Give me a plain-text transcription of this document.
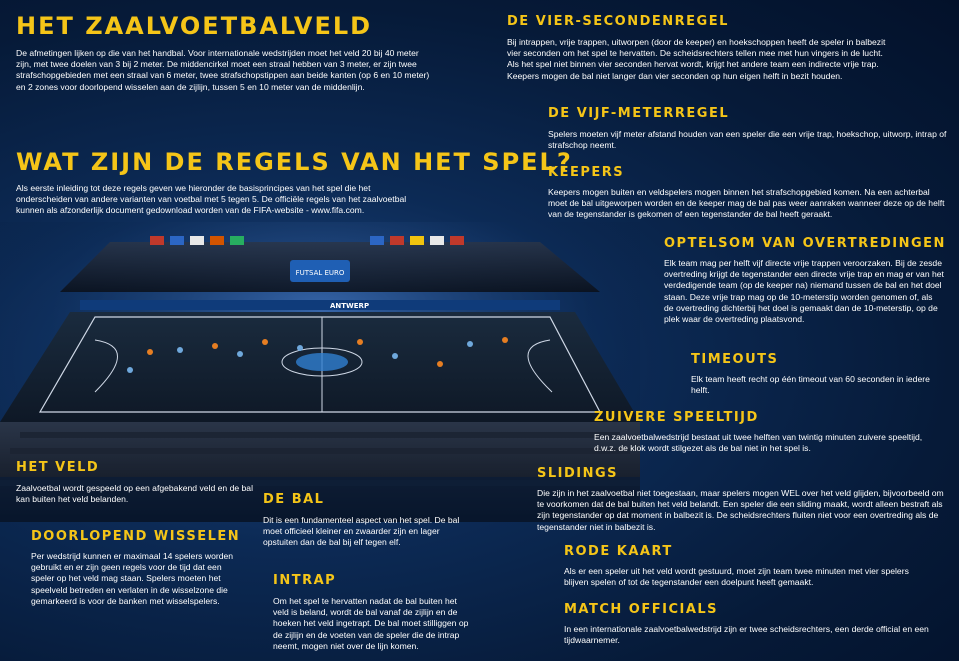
FUTSAL EURO
ANTWERP
HET ZAALVOETBALVELD

De afmetingen lijken op die van het handbal. Voor internationale wedstrijden moet het veld 20 bij 40 meter zijn, met twee doelen van 3 bij 2 meter. De middencirkel moet een straal hebben van 3 meter, er zijn twee strafschopgebieden met een straal van 6 meter, twee strafschopstippen aan beide kanten (op 6 en 10 meter) en 2 zones voor doorlopend wisselen aan de zijlijn, tussen 5 en 10 meter van de middenlijn.

WAT ZIJN DE REGELS VAN HET SPEL?

Als eerste inleiding tot deze regels geven we hieronder de basisprincipes van het spel die het onderscheiden van andere varianten van voetbal met 5 tegen 5. De officiële regels van het zaalvoetbal kunnen als afzonderlijk document gedownload worden van de FIFA-website - www.fifa.com.

DE VIER-SECONDENREGEL

Bij intrappen, vrije trappen, uitworpen (door de keeper) en hoekschoppen heeft de speler in balbezit vier seconden om het spel te hervatten. De scheidsrechters tellen mee met hun vingers in de lucht. Als het spel niet binnen vier seconden hervat wordt, krijgt het andere team een indirecte vrije trap. Keepers mogen de bal niet langer dan vier seconden op hun eigen helft in bezit houden.

DE VIJF-METERREGEL

Spelers moeten vijf meter afstand houden van een speler die een vrije trap, hoekschop, uitworp, intrap of strafschop neemt.

KEEPERS

Keepers mogen buiten en veldspelers mogen binnen het strafschopgebied komen. Na een achterbal moet de bal uitgeworpen worden en de keeper mag de bal pas weer aanraken wanneer deze op de helft van de tegenstander is gekomen of een tegenstander de bal heeft geraakt.

OPTELSOM VAN OVERTREDINGEN

Elk team mag per helft vijf directe vrije trappen veroorzaken. Bij de zesde overtreding krijgt de tegenstander een directe vrije trap en mag er van het verdedigende team (op de keeper na) niemand tussen de bal en het doel staan. Deze vrije trap mag op de 10-meterstip worden genomen of, als de overtreding dichterbij het doel is gemaakt dan de 10-meterstip, op de plek waar de overtreding plaatsvond.

TIMEOUTS

Elk team heeft recht op één timeout van 60 seconden in iedere helft.

ZUIVERE SPEELTIJD

Een zaalvoetbalwedstrijd bestaat uit twee helften van twintig minuten zuivere speeltijd, d.w.z. de klok wordt stilgezet als de bal niet in het spel is.

SLIDINGS

Die zijn in het zaalvoetbal niet toegestaan, maar spelers mogen WEL over het veld glijden, bijvoorbeeld om te voorkomen dat de bal buiten het veld belandt. Een speler die een sliding maakt, wordt alleen bestraft als zijn tegenstander op dat moment in balbezit is. De scheidsrechters fluiten niet voor een overtreding als de tegenstander niet in balbezit is.

RODE KAART

Als er een speler uit het veld wordt gestuurd, moet zijn team twee minuten met vier spelers blijven spelen of tot de tegenstander een doelpunt heeft gemaakt.

MATCH OFFICIALS

In een internationale zaalvoetbalwedstrijd zijn er twee scheidsrechters, een derde official en een tijdwaarnemer.

HET VELD

Zaalvoetbal wordt gespeeld op een afgebakend veld en de bal kan buiten het veld belanden.

DOORLOPEND WISSELEN

Per wedstrijd kunnen er maximaal 14 spelers worden gebruikt en er zijn geen regels voor de tijd dat een speler op het veld mag staan. Spelers moeten het speelveld betreden en verlaten in de wisselzone die gemarkeerd is voor de banken met wisselspelers.

DE BAL

Dit is een fundamenteel aspect van het spel. De bal moet officieel kleiner en zwaarder zijn en lager opstuiten dan de bal bij elf tegen elf.

INTRAP

Om het spel te hervatten nadat de bal buiten het veld is beland, wordt de bal vanaf de zijlijn en de hoeken het veld ingetrapt. De bal moet stilliggen op de zijlijn en de voeten van de speler die de intrap neemt, mogen niet over de lijn komen.
